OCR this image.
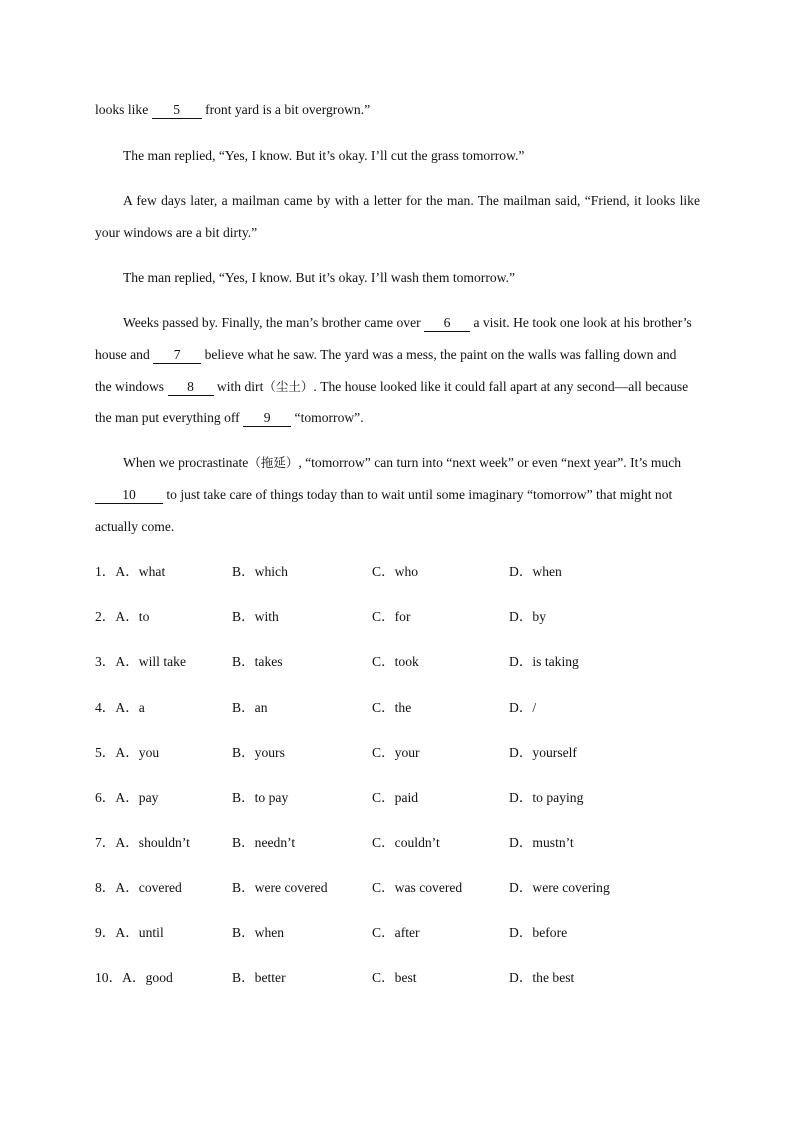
looks like 5 front yard is a bit overgrown.”
The man replied, “Yes, I know. But it’s okay. I’ll cut the grass tomorrow.”
A few days later, a mailman came by with a letter for the man. The mailman said, “Friend, it looks like
your windows are a bit dirty.”
The man replied, “Yes, I know. But it’s okay. I’ll wash them tomorrow.”
Weeks passed by. Finally, the man’s brother came over 6 a visit. He took one look at his brother’s
house and 7 believe what he saw. The yard was a mess, the paint on the walls was falling down and
the windows 8 with dirt（尘土）. The house looked like it could fall apart at any second—all because
the man put everything off 9 “tomorrow”.
When we procrastinate（拖延）, “tomorrow” can turn into “next week” or even “next year”. It’s much
10 to just take care of things today than to wait until some imaginary “tomorrow” that might not
actually come.
1．A．what	B．which	C．who	D．when
2．A．to	B．with	C．for	D．by
3．A．will take	B．takes	C．took	D．is taking
4．A．a	B．an	C．the	D．/
5．A．you	B．yours	C．your	D．yourself
6．A．pay	B．to pay	C．paid	D．to paying
7．A．shouldn’t	B．needn’t	C．couldn’t	D．mustn’t
8．A．covered	B．were covered	C．was covered	D．were covering
9．A．until	B．when	C．after	D．before
10．A．good	B．better	C．best	D．the best
